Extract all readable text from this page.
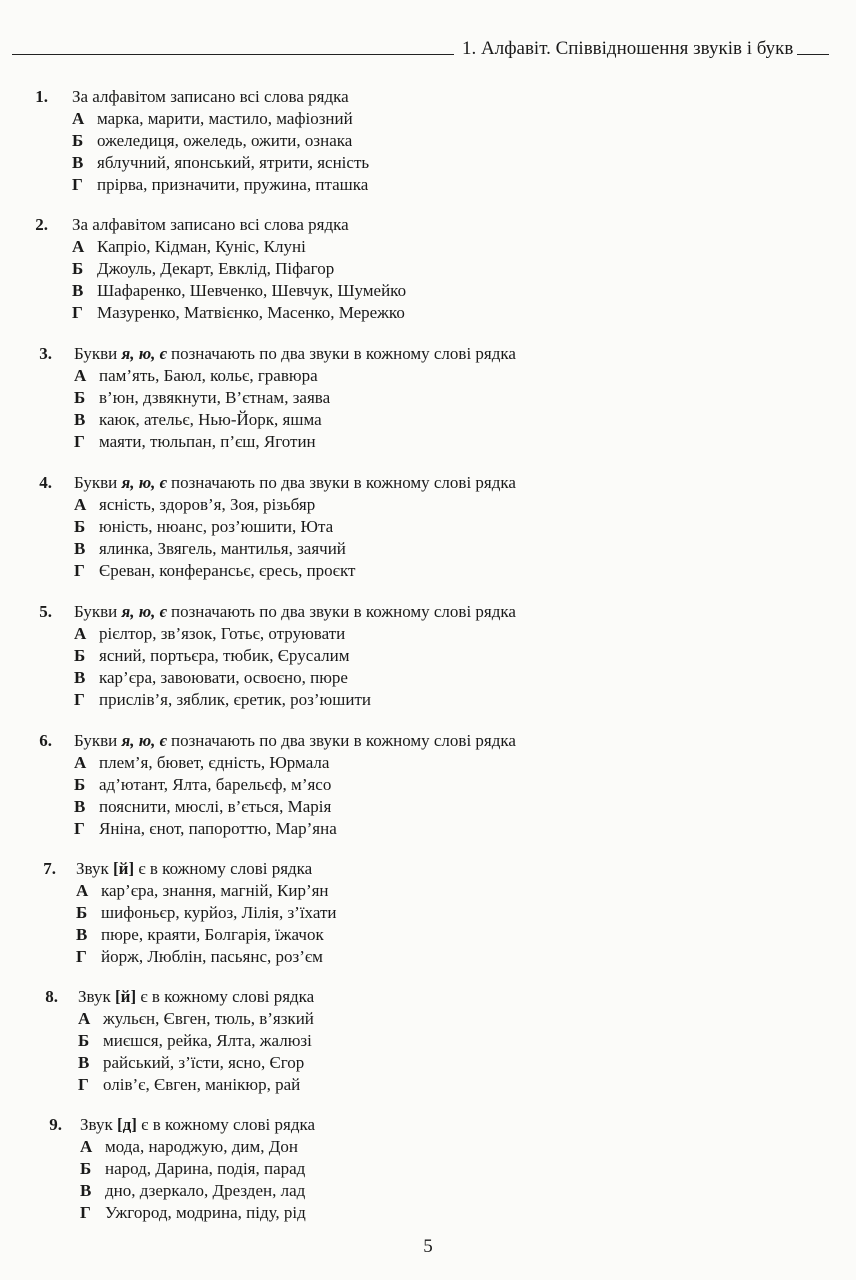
1. Алфавіт. Співвідношення звуків і букв
1. За алфавітом записано всі слова рядка
А марка, марити, мастило, мафіозний
Б ожеледиця, ожеледь, ожити, ознака
В яблучний, японський, ятрити, ясність
Г прірва, призначити, пружина, пташка
2. За алфавітом записано всі слова рядка
А Капріо, Кідман, Куніс, Клуні
Б Джоуль, Декарт, Евклід, Піфагор
В Шафаренко, Шевченко, Шевчук, Шумейко
Г Мазуренко, Матвієнко, Масенко, Мережко
3. Букви я, ю, є позначають по два звуки в кожному слові рядка
А пам’ять, Баюл, кольє, гравюра
Б в’юн, дзвякнути, В’єтнам, заява
В каюк, ательє, Нью-Йорк, яшма
Г маяти, тюльпан, п’єш, Яготин
4. Букви я, ю, є позначають по два звуки в кожному слові рядка
А ясність, здоров’я, Зоя, різьбяр
Б юність, нюанс, роз’юшити, Юта
В ялинка, Звягель, мантилья, заячий
Г Єреван, конферансьє, єресь, проєкт
5. Букви я, ю, є позначають по два звуки в кожному слові рядка
А рієлтор, зв’язок, Готьє, отруювати
Б ясний, портьєра, тюбик, Єрусалим
В кар’єра, завоювати, освоєно, пюре
Г прислів’я, зяблик, єретик, роз’юшити
6. Букви я, ю, є позначають по два звуки в кожному слові рядка
А плем’я, бювет, єдність, Юрмала
Б ад’ютант, Ялта, барельєф, м’ясо
В пояснити, мюслі, в’ється, Марія
Г Яніна, єнот, папороттю, Мар’яна
7. Звук [й] є в кожному слові рядка
А кар’єра, знання, магній, Кир’ян
Б шифоньєр, курйоз, Лілія, з’їхати
В пюре, краяти, Болгарія, їжачок
Г йорж, Люблін, пасьянс, роз’єм
8. Звук [й] є в кожному слові рядка
А жульєн, Євген, тюль, в’язкий
Б миєшся, рейка, Ялта, жалюзі
В райський, з’їсти, ясно, Єгор
Г олів’є, Євген, манікюр, рай
9. Звук [д] є в кожному слові рядка
А мода, народжую, дим, Дон
Б народ, Дарина, подія, парад
В дно, дзеркало, Дрезден, лад
Г Ужгород, модрина, піду, рід
5
